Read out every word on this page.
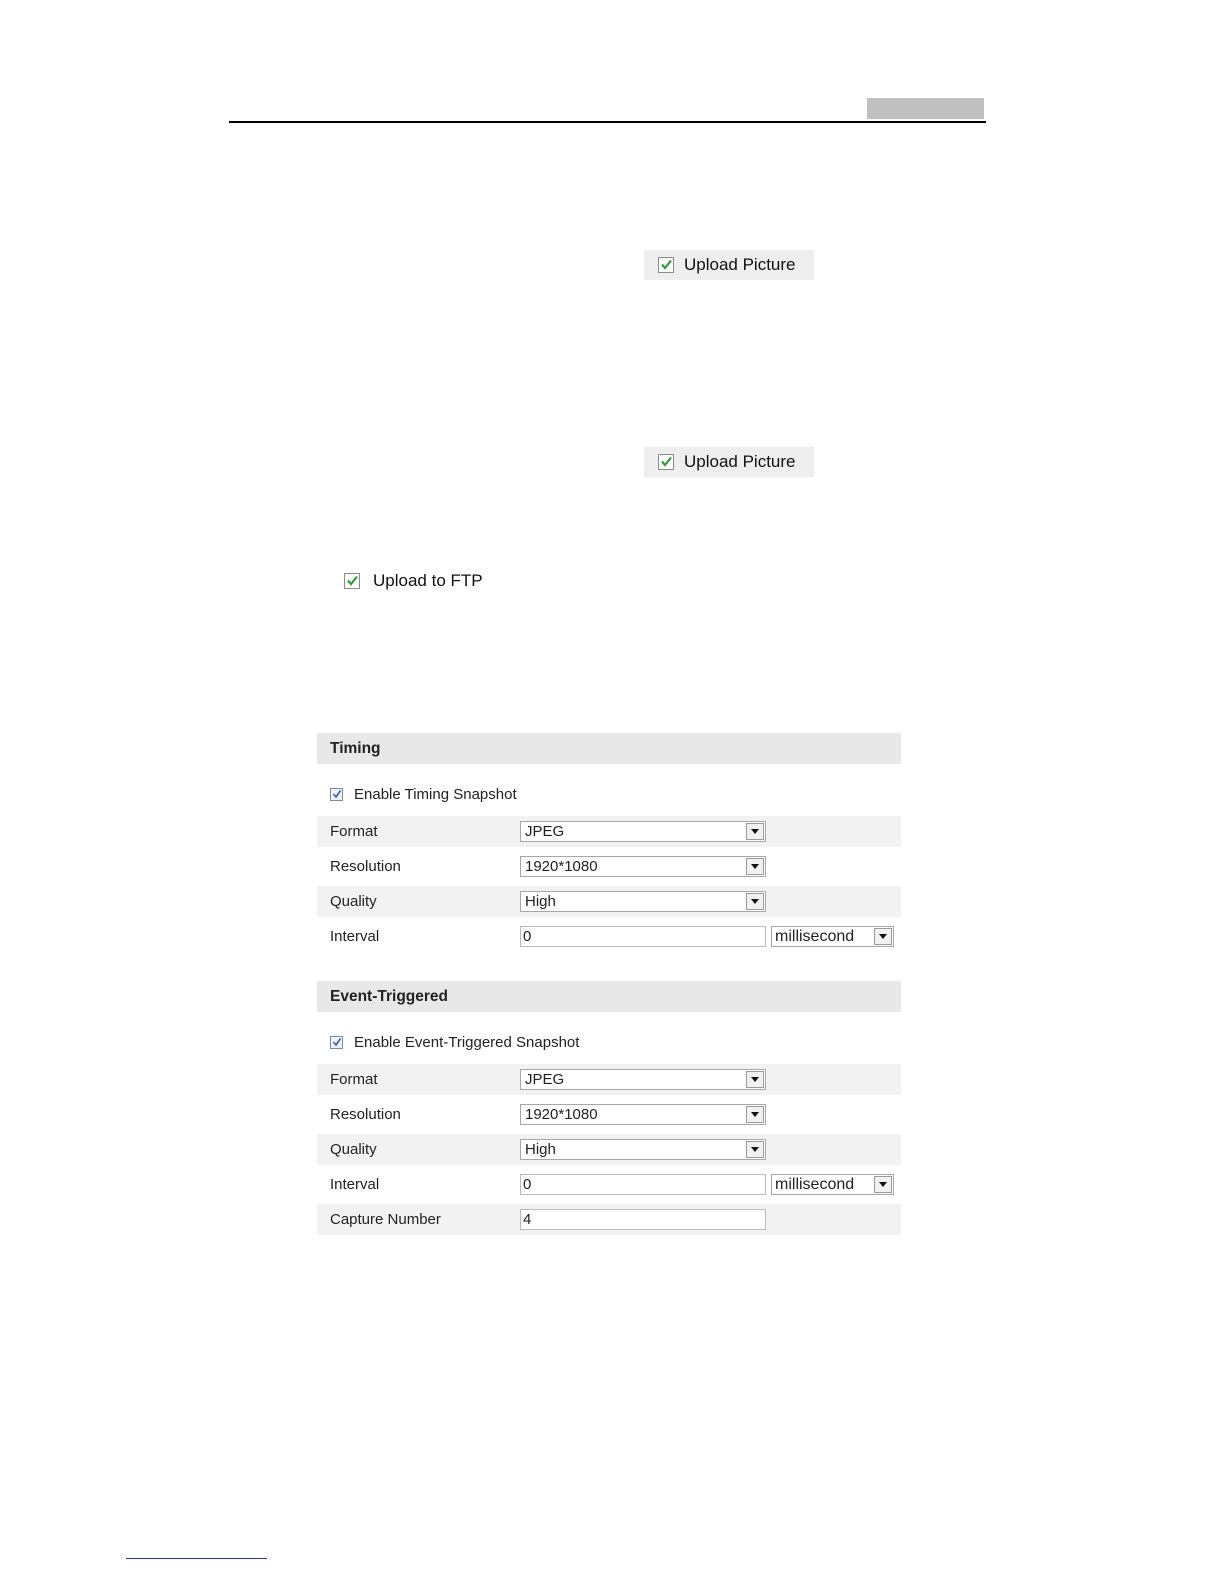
Upload Picture
Upload Picture
Upload to FTP
Timing
Enable Timing Snapshot
Format	JPEG
Resolution	1920*1080
Quality	High
Interval	0	millisecond
Event-Triggered
Enable Event-Triggered Snapshot
Format	JPEG
Resolution	1920*1080
Quality	High
Interval	0	millisecond
Capture Number	4
